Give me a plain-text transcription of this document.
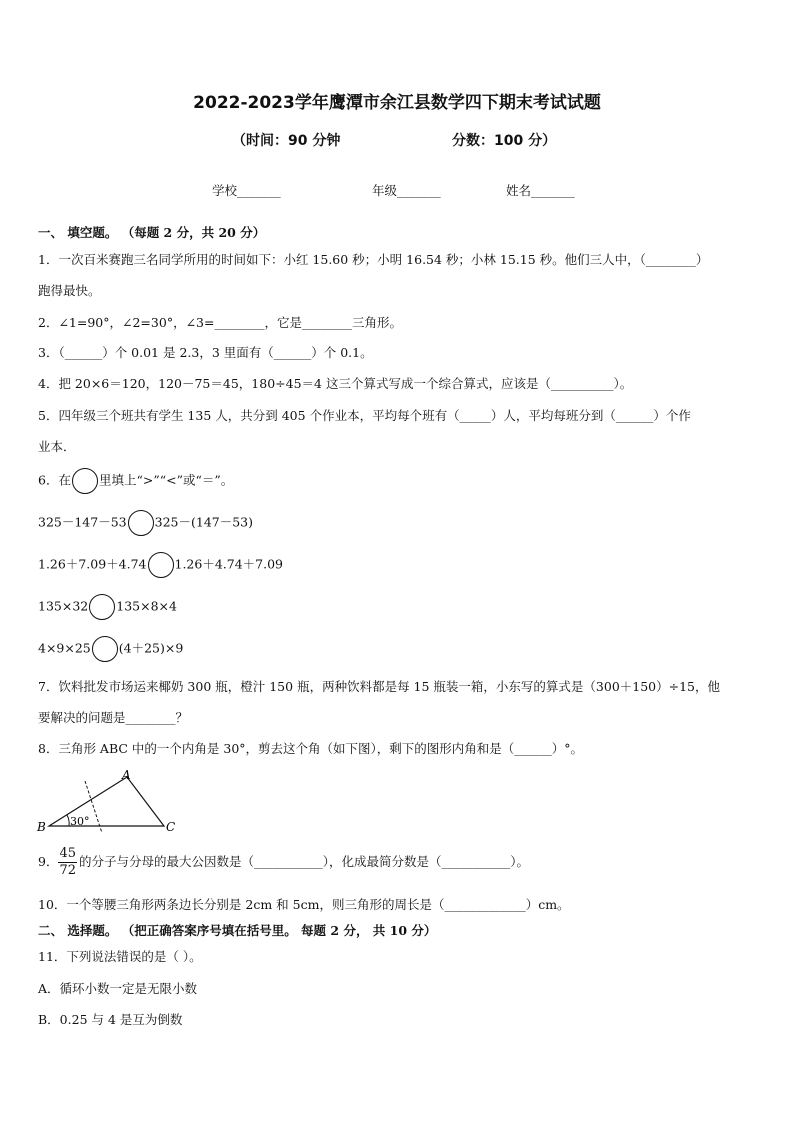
2022-2023学年鹰潭市余江县数学四下期末考试试题
（时间：90 分钟	分数：100 分）
学校_______	年级_______	姓名_______
一、 填空题。 （每题 2 分，共 20 分）
1．一次百米赛跑三名同学所用的时间如下：小红 15.60 秒；小明 16.54 秒；小林 15.15 秒。他们三人中，（________）
跑得最快。
2．∠1=90°，∠2=30°，∠3=________，它是________三角形。
3．（______）个 0.01 是 2.3，3 里面有（______）个 0.1。
4．把 20×6＝120，120－75＝45，180÷45＝4 这三个算式写成一个综合算式，应该是（__________）。
5．四年级三个班共有学生 135 人，共分到 405 个作业本，平均每个班有（_____）人，平均每班分到（______）个作
业本．
6．在 里填上“>”“<”或“＝”。
325－147－53 325－(147－53)
1.26＋7.09＋4.74 1.26＋4.74＋7.09
135×32 135×8×4
4×9×25 (4＋25)×9
7．饮料批发市场运来椰奶 300 瓶，橙汁 150 瓶，两种饮料都是每 15 瓶装一箱，小东写的算式是（300＋150）÷15，他
要解决的问题是________？
8．三角形 ABC 中的一个内角是 30°，剪去这个角（如下图），剩下的图形内角和是（______）°。
A
B	C
30°
9． $\frac{45}{72}$ 的分子与分母的最大公因数是（___________），化成最简分数是（___________）。
10．一个等腰三角形两条边长分别是 2cm 和 5cm，则三角形的周长是（_____________）cm。
二、 选择题。 （把正确答案序号填在括号里。 每题 2 分， 共 10 分）
11．下列说法错误的是（ ）。
A．循环小数一定是无限小数
B．0.25 与 4 是互为倒数
